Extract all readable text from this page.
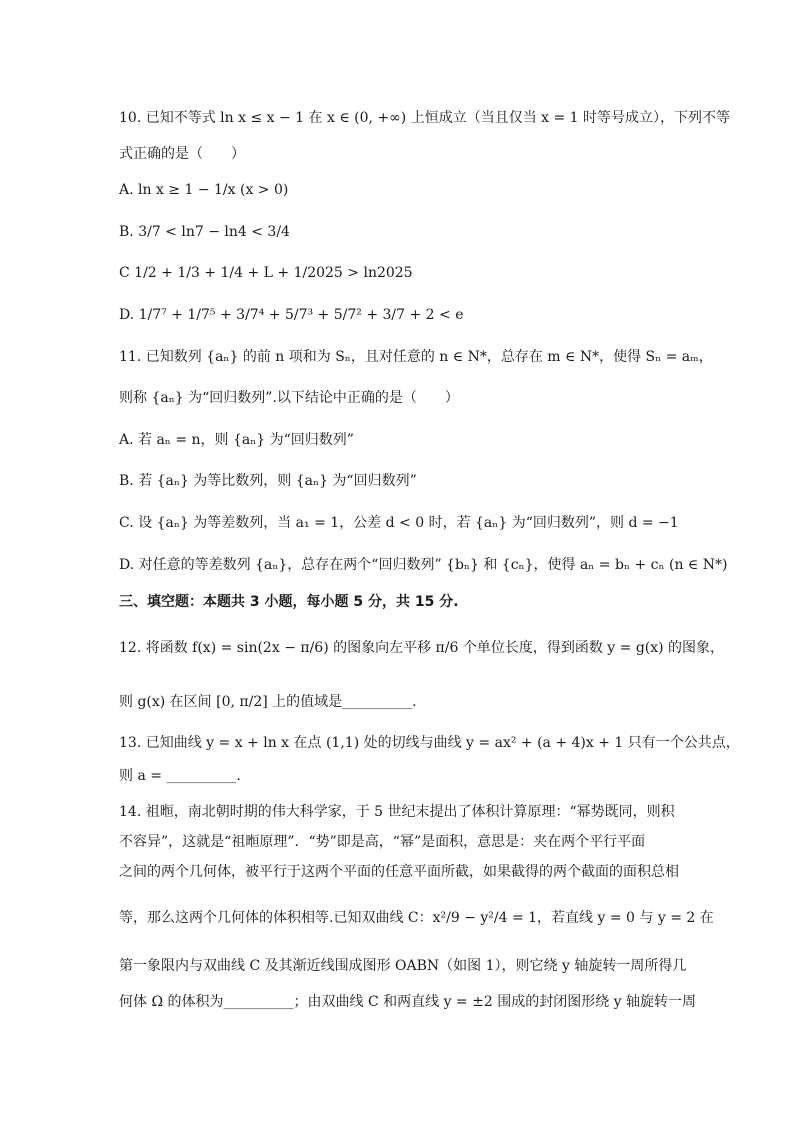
10. 已知不等式 ln x ≤ x − 1 在 x ∈ (0, +∞) 上恒成立（当且仅当 x = 1 时等号成立），下列不等
式正确的是（　　）
A. ln x ≥ 1 − 1/x (x > 0)
B. 3/7 < ln7 − ln4 < 3/4
C 1/2 + 1/3 + 1/4 + L + 1/2025 > ln2025
D. 1/7⁷ + 1/7⁵ + 3/7⁴ + 5/7³ + 5/7² + 3/7 + 2 < e
11. 已知数列 {aₙ} 的前 n 项和为 Sₙ，且对任意的 n ∈ N*，总存在 m ∈ N*，使得 Sₙ = aₘ，
则称 {aₙ} 为“回归数列”.以下结论中正确的是（　　）
A. 若 aₙ = n，则 {aₙ} 为“回归数列”
B. 若 {aₙ} 为等比数列，则 {aₙ} 为“回归数列”
C. 设 {aₙ} 为等差数列，当 a₁ = 1，公差 d < 0 时，若 {aₙ} 为“回归数列”，则 d = −1
D. 对任意的等差数列 {aₙ}，总存在两个“回归数列” {bₙ} 和 {cₙ}，使得 aₙ = bₙ + cₙ (n ∈ N*)
三、填空题：本题共 3 小题，每小题 5 分，共 15 分.
12. 将函数 f(x) = sin(2x − π/6) 的图象向左平移 π/6 个单位长度，得到函数 y = g(x) 的图象，
则 g(x) 在区间 [0, π/2] 上的值域是__________.
13. 已知曲线 y = x + ln x 在点 (1,1) 处的切线与曲线 y = ax² + (a + 4)x + 1 只有一个公共点，
则 a = __________.
14. 祖暅，南北朝时期的伟大科学家，于 5 世纪末提出了体积计算原理：“幂势既同，则积
不容异”，这就是“祖暅原理”．“势”即是高，“幂”是面积，意思是：夹在两个平行平面
之间的两个几何体，被平行于这两个平面的任意平面所截，如果截得的两个截面的面积总相
等，那么这两个几何体的体积相等.已知双曲线 C：x²/9 − y²/4 = 1，若直线 y = 0 与 y = 2 在
第一象限内与双曲线 C 及其渐近线围成图形 OABN（如图 1），则它绕 y 轴旋转一周所得几
何体 Ω 的体积为__________；由双曲线 C 和两直线 y = ±2 围成的封闭图形绕 y 轴旋转一周
